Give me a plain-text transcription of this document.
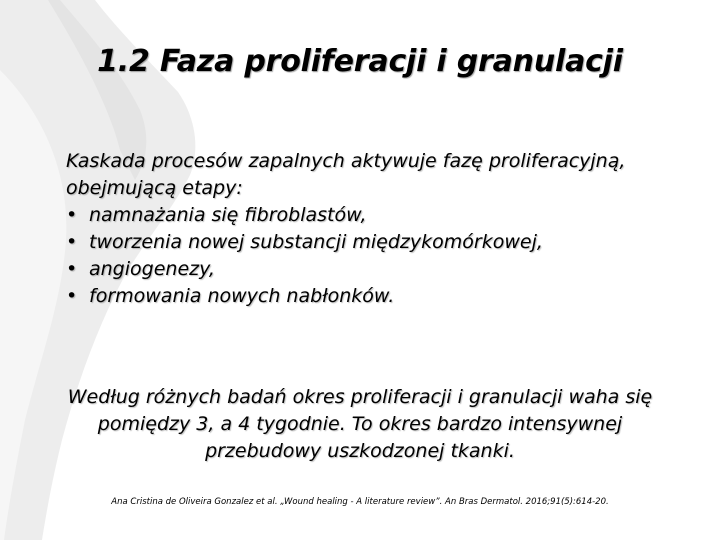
1.2 Faza proliferacji i granulacji

Kaskada procesów zapalnych aktywuje fazę proliferacyjną, obejmującą etapy:

• namnażania się fibroblastów,
• tworzenia nowej substancji międzykomórkowej,
• angiogenezy,
• formowania nowych nabłonków.

Według różnych badań okres proliferacji i granulacji waha się pomiędzy 3, a 4 tygodnie. To okres bardzo intensywnej przebudowy uszkodzonej tkanki.

Ana Cristina de Oliveira Gonzalez et al. „Wound healing - A literature review”. An Bras Dermatol. 2016;91(5):614-20.
